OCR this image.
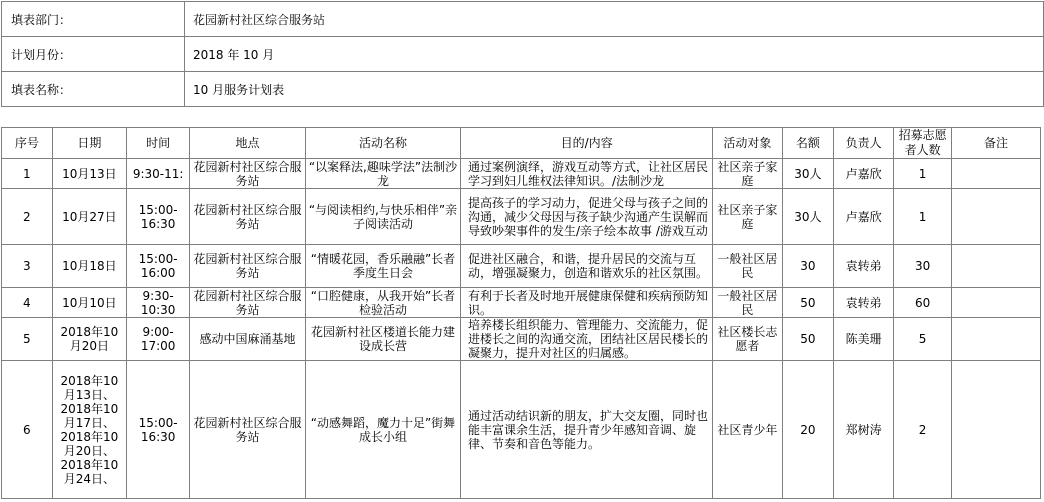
填表部门：	花园新村社区综合服务站
计划月份：	2018 年 10 月
填表名称：	10 月服务计划表
序号	日期	时间	地点	活动名称	目的/内容	活动对象	名额	负责人	招募志愿者人数	备注
1	10月13日	9:30-11:	花园新村社区综合服务站	“以案释法,趣味学法”法制沙龙	通过案例演绎，游戏互动等方式，让社区居民学习到妇儿维权法律知识。/法制沙龙	社区亲子家庭	30人	卢嘉欣	1	
2	10月27日	15:00-16:30	花园新村社区综合服务站	“与阅读相约,与快乐相伴”亲子阅读活动	提高孩子的学习动力，促进父母与孩子之间的沟通，减少父母因与孩子缺少沟通产生误解而导致吵架事件的发生/亲子绘本故事 /游戏互动	社区亲子家庭	30人	卢嘉欣	1	
3	10月18日	15:00-16:00	花园新村社区综合服务站	“情暖花园，香乐融融”长者季度生日会	促进社区融合，和谐，提升居民的交流与互动，增强凝聚力，创造和谐欢乐的社区氛围。	一般社区居民	30	袁转弟	30	
4	10月10日	9:30-10:30	花园新村社区综合服务站	“口腔健康，从我开始”长者检验活动	有利于长者及时地开展健康保健和疾病预防知识。	一般社区居民	50	袁转弟	60	
5	2018年10月20日	9:00-17:00	感动中国麻涌基地	花园新村社区楼道长能力建设成长营	培养楼长组织能力、管理能力、交流能力，促进楼长之间的沟通交流，团结社区居民楼长的凝聚力，提升对社区的归属感。	社区楼长志愿者	50	陈美珊	5	
6	2018年10月13日、2018年10月17日、2018年10月20日、2018年10月24日、	15:00-16:30	花园新村社区综合服务站	“动感舞蹈，魔力十足”街舞成长小组	通过活动结识新的朋友，扩大交友圈，同时也能丰富课余生活，提升青少年感知音调、旋律、节奏和音色等能力。	社区青少年	20	郑树涛	2	
